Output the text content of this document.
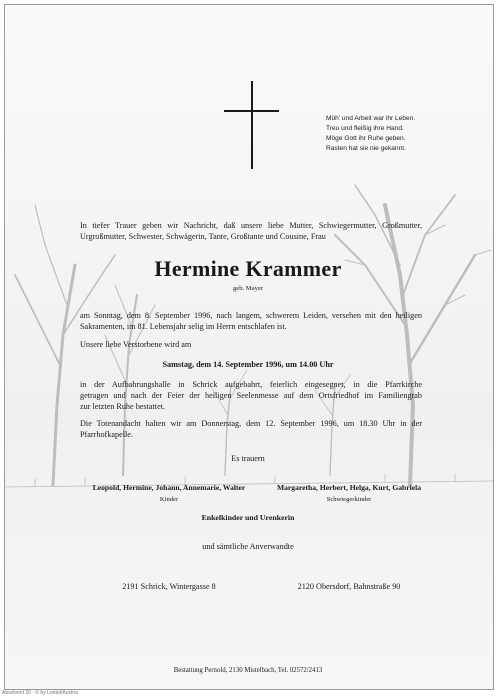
Müh' und Arbeit war ihr Leben.
Treu und fleißig ihre Hand.
Möge Gott ihr Ruhe geben.
Rasten hat sie nie gekannt.
In tiefer Trauer geben wir Nachricht, daß unsere liebe Mutter, Schwiegermutter, Großmutter,
Urgroßmutter, Schwester, Schwägerin, Tante, Großtante und Cousine, Frau
Hermine Krammer
geb. Mayer
am Sonntag, dem 8. September 1996, nach langem, schwerem Leiden, versehen mit den heiligen
Sakramenten, im 81. Lebensjahr selig im Herrn entschlafen ist.
Unsere liebe Verstorbene wird am
Samstag, dem 14. September 1996, um 14.00 Uhr
in der Aufbahrungshalle in Schrick aufgebahrt, feierlich eingesegnet, in die Pfarrkirche
getragen und nach der Feier der heiligen Seelenmesse auf dem Ortsfriedhof im Familiengrab
zur letzten Ruhe bestattet.
Die Totenandacht halten wir am Donnerstag, dem 12. September 1996, um 18.30 Uhr in der
Pfarrhofkapelle.
Es trauern
Leopold, Hermine, Johann, Annemarie, Walter
Kinder
Margaretha, Herbert, Helga, Kurt, Gabriela
Schwiegerkinder
Enkelkinder und Urenkerin
und sämtliche Anverwandte
2191 Schrick, Wintergasse 8	2120 Obersdorf, Bahnstraße 90
Bestattung Pernold, 2130 Mistelbach, Tel. 02572/2413
Absolvent 20 · © by Lootet/Austria
